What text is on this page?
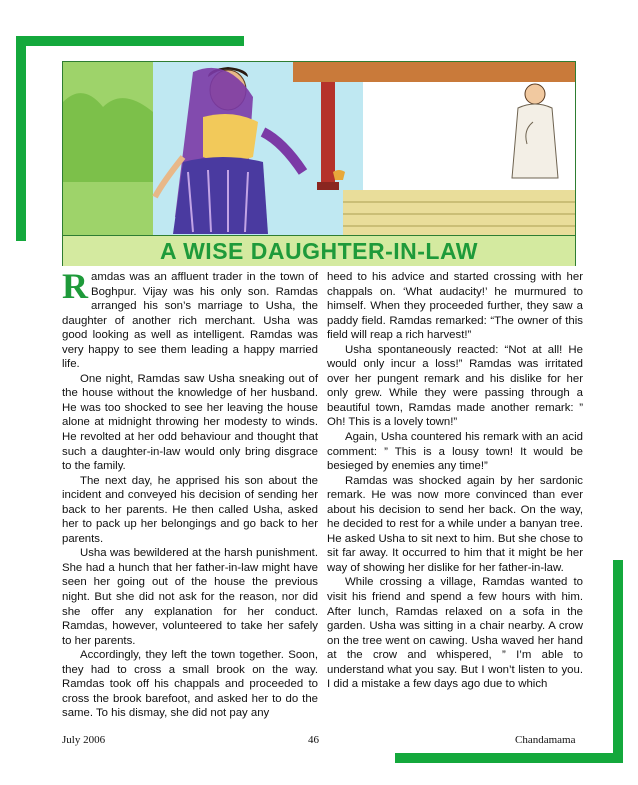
A WISE DAUGHTER-IN-LAW

Ramdas was an affluent trader in the town of Boghpur. Vijay was his only son. Ramdas arranged his son’s marriage to Usha, the daughter of another rich merchant. Usha was good looking as well as intelligent. Ramdas was very happy to see them leading a happy married life.

One night, Ramdas saw Usha sneaking out of the house without the knowledge of her husband. He was too shocked to see her leaving the house alone at midnight throwing her modesty to winds. He revolted at her odd behaviour and thought that such a daughter-in-law would only bring disgrace to the family.

The next day, he apprised his son about the incident and conveyed his decision of sending her back to her parents. He then called Usha, asked her to pack up her belongings and go back to her parents.

Usha was bewildered at the harsh punishment. She had a hunch that her father-in-law might have seen her going out of the house the previous night. But she did not ask for the reason, nor did she offer any explanation for her conduct. Ramdas, however, volunteered to take her safely to her parents.

Accordingly, they left the town together. Soon, they had to cross a small brook on the way. Ramdas took off his chappals and proceeded to cross the brook barefoot, and asked her to do the same. To his dismay, she did not pay any

heed to his advice and started crossing with her chappals on. ‘What audacity!’ he murmured to himself. When they proceeded further, they saw a paddy field. Ramdas remarked: “The owner of this field will reap a rich harvest!”

Usha spontaneously reacted: “Not at all! He would only incur a loss!” Ramdas was irritated over her pungent remark and his dislike for her only grew. While they were passing through a beautiful town, Ramdas made another remark: ” Oh! This is a lovely town!”

Again, Usha countered his remark with an acid comment: ” This is a lousy town! It would be besieged by enemies any time!”

Ramdas was shocked again by her sardonic remark. He was now more convinced than ever about his decision to send her back. On the way, he decided to rest for a while under a banyan tree. He asked Usha to sit next to him. But she chose to sit far away. It occurred to him that it might be her way of showing her dislike for her father-in-law.

While crossing a village, Ramdas wanted to visit his friend and spend a few hours with him. After lunch, Ramdas relaxed on a sofa in the garden. Usha was sitting in a chair nearby. A crow on the tree went on cawing. Usha waved her hand at the crow and whispered, ” I’m able to understand what you say. But I won’t listen to you. I did a mistake a few days ago due to which

July 2006	46	Chandamama
